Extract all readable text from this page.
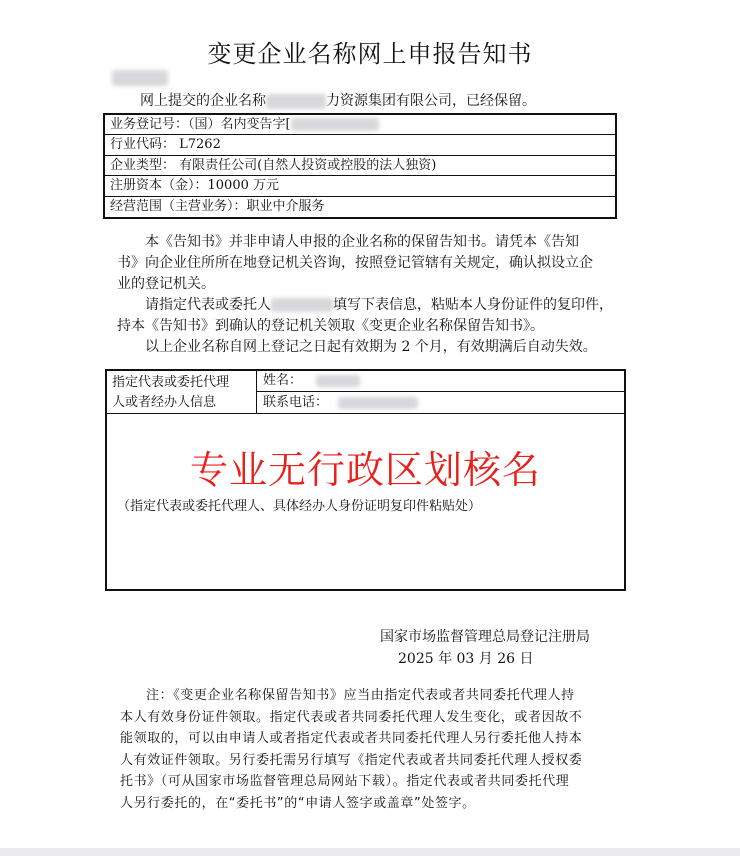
变更企业名称网上申报告知书
网上提交的企业名称	力资源集团有限公司，已经保留。
业务登记号：（国）名内变告字[
行业代码： L7262
企业类型： 有限责任公司(自然人投资或控股的法人独资)
注册资本（金）：10000 万元
经营范围（主营业务）：职业中介服务
本《告知书》并非申请人申报的企业名称的保留告知书。请凭本《告知
书》向企业住所所在地登记机关咨询，按照登记管辖有关规定，确认拟设立企
业的登记机关。
请指定代表或委托人	填写下表信息，粘贴本人身份证件的复印件，
持本《告知书》到确认的登记机关领取《变更企业名称保留告知书》。
以上企业名称自网上登记之日起有效期为 2 个月，有效期满后自动失效。
指定代表或委托代理
人或者经办人信息
姓名：
联系电话：
专业无行政区划核名
（指定代表或委托代理人、具体经办人身份证明复印件粘贴处）
国家市场监督管理总局登记注册局
2025 年 03 月 26 日
注：《变更企业名称保留告知书》应当由指定代表或者共同委托代理人持
本人有效身份证件领取。指定代表或者共同委托代理人发生变化，或者因故不
能领取的，可以由申请人或者指定代表或者共同委托代理人另行委托他人持本
人有效证件领取。另行委托需另行填写《指定代表或者共同委托代理人授权委
托书》（可从国家市场监督管理总局网站下载）。指定代表或者共同委托代理
人另行委托的，在“委托书”的“申请人签字或盖章”处签字。
